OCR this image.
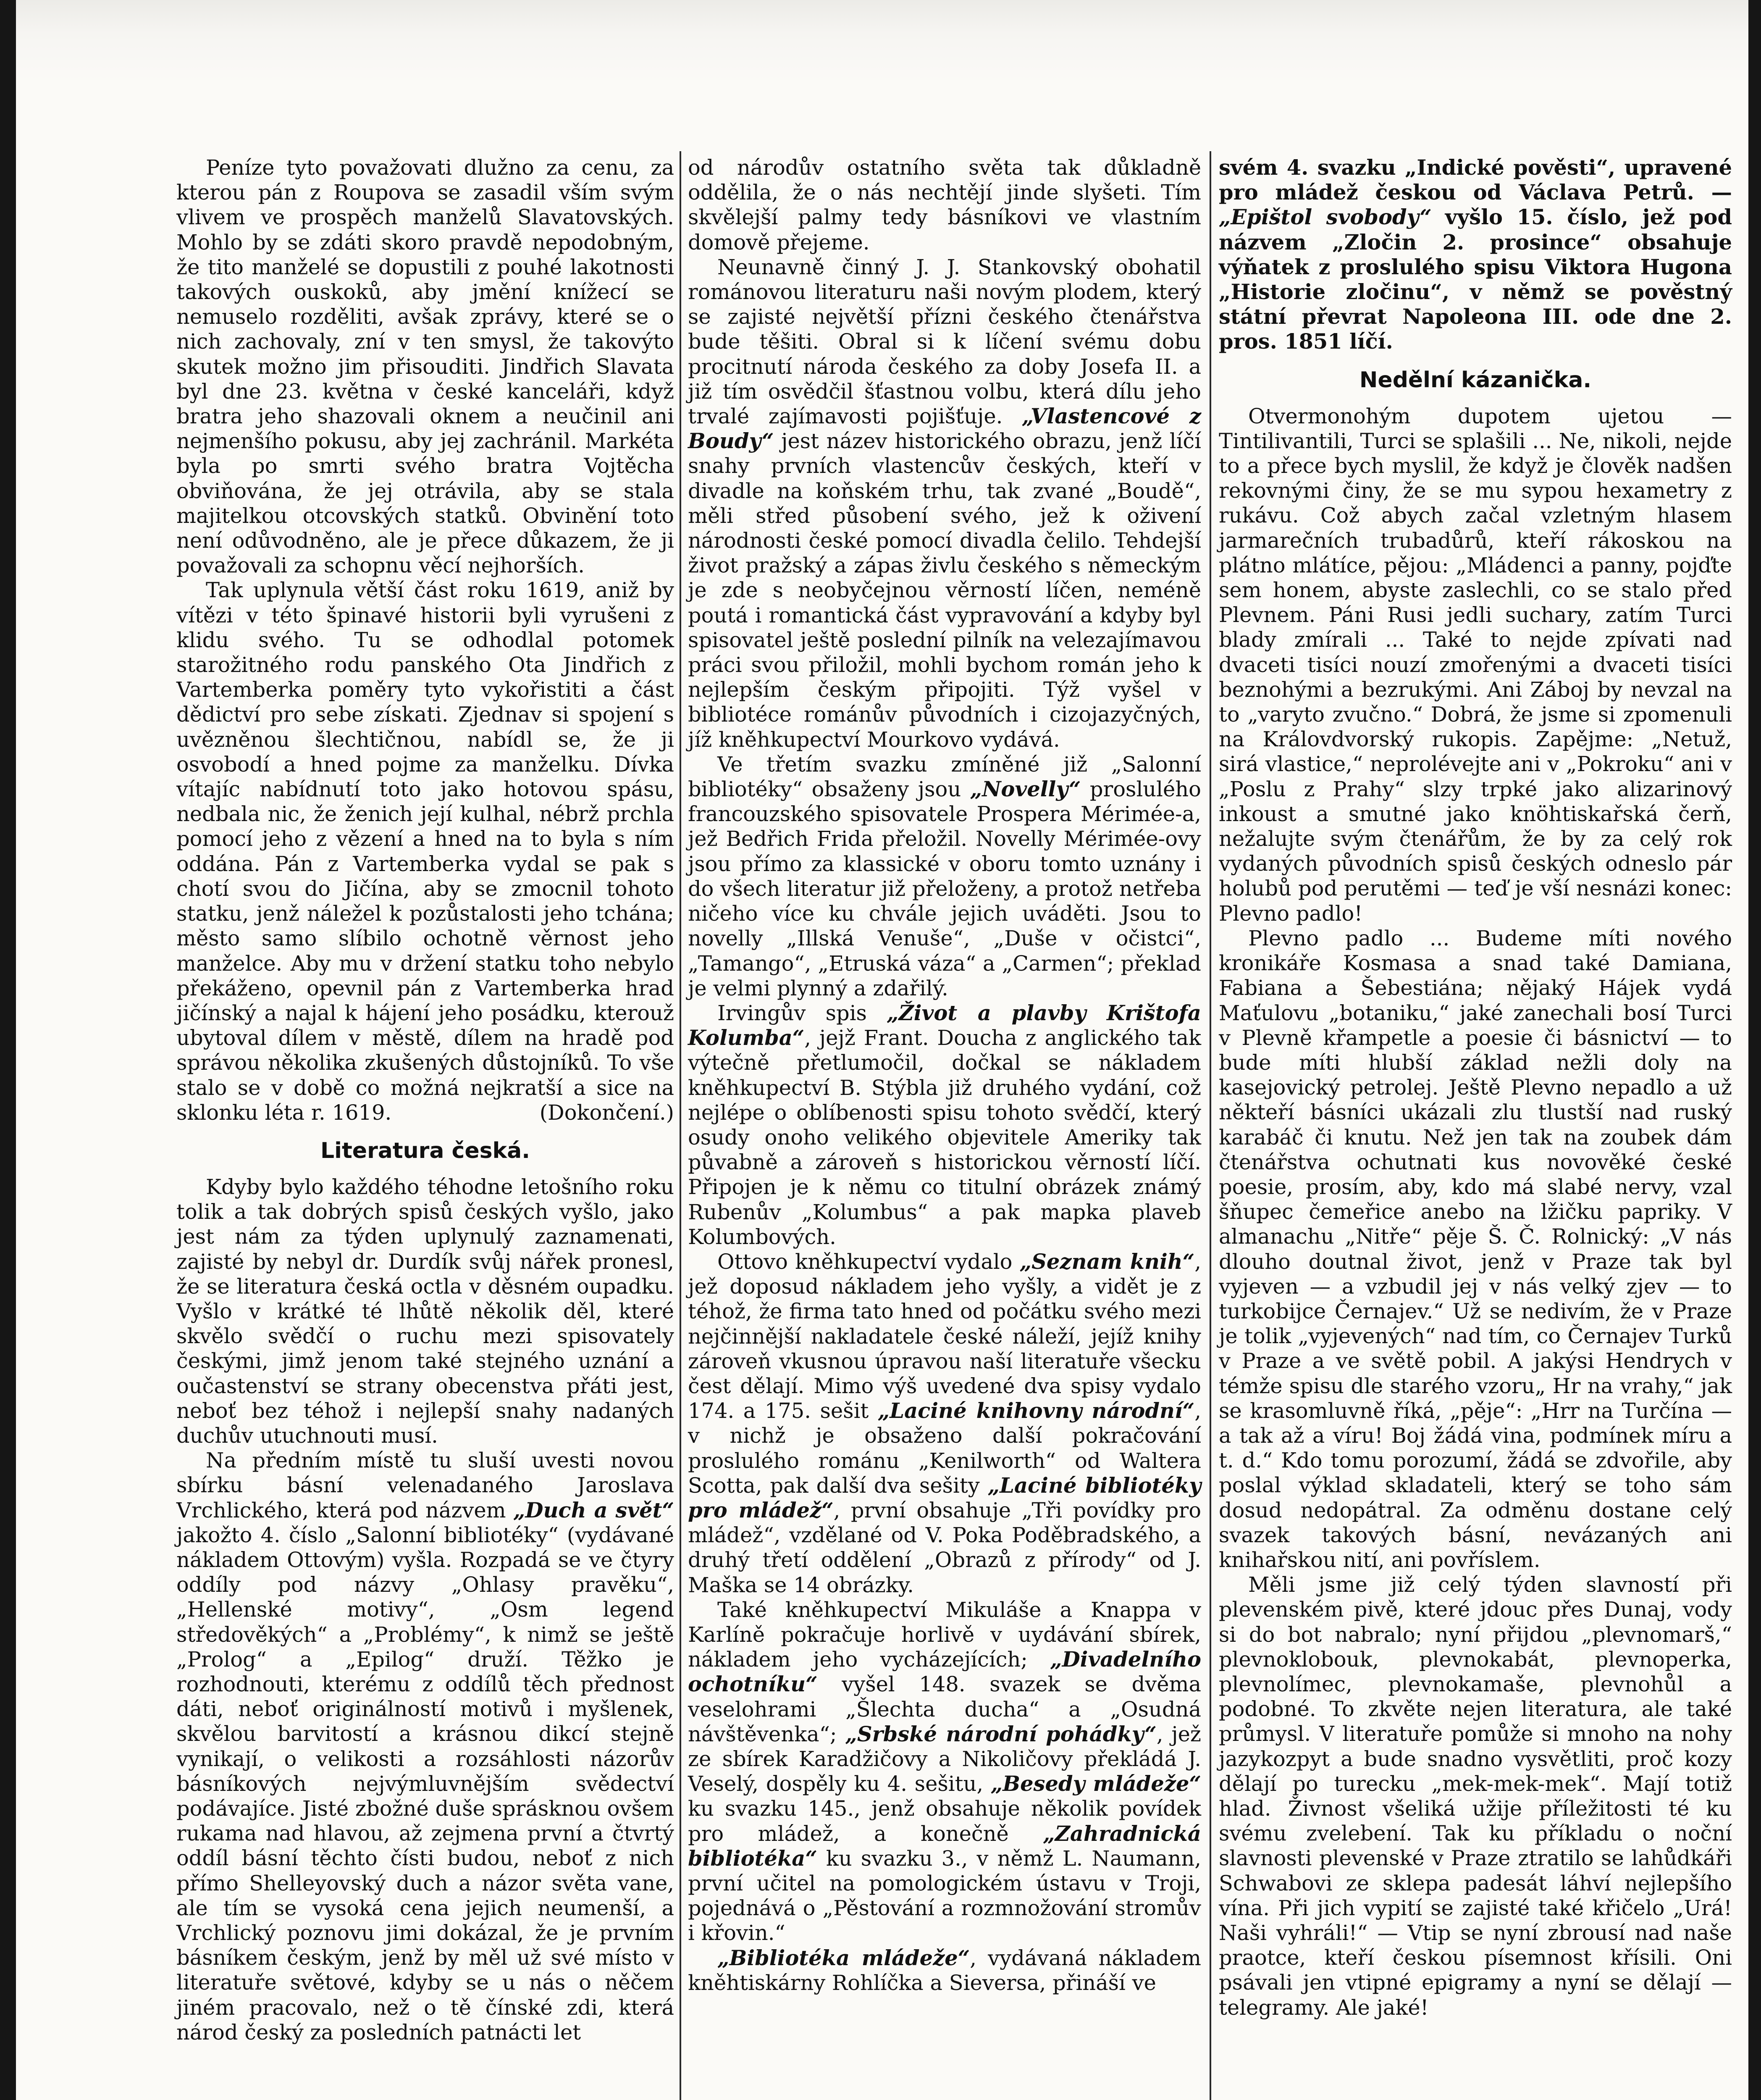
Peníze tyto považovati dlužno za cenu, za kterou pán z Roupova se zasadil vším svým vlivem ve prospěch manželů Slavatovských. Mohlo by se zdáti skoro pravdě nepodobným, že tito manželé se dopustili z pouhé lakotnosti takových ouskoků, aby jmění knížecí se nemuselo rozděliti, avšak zprávy, které se o nich zachovaly, zní v ten smysl, že takovýto skutek možno jim přisouditi. Jindřich Slavata byl dne 23. května v české kanceláři, když bratra jeho shazovali oknem a neučinil ani nejmenšího pokusu, aby jej zachránil. Markéta byla po smrti svého bratra Vojtěcha obviňována, že jej otrávila, aby se stala majitelkou otcovských statků. Obvinění toto není odůvodněno, ale je přece důkazem, že ji považovali za schopnu věcí nejhorších.

Tak uplynula větší část roku 1619, aniž by vítězi v této špinavé historii byli vyrušeni z klidu svého. Tu se odhodlal potomek starožitného rodu panského Ota Jindřich z Vartemberka poměry tyto vykořistiti a část dědictví pro sebe získati. Zjednav si spojení s uvězněnou šlechtičnou, nabídl se, že ji osvobodí a hned pojme za manželku. Dívka vítajíc nabídnutí toto jako hotovou spásu, nedbala nic, že ženich její kulhal, nébrž prchla pomocí jeho z vězení a hned na to byla s ním oddána. Pán z Vartemberka vydal se pak s chotí svou do Jičína, aby se zmocnil tohoto statku, jenž náležel k pozůstalosti jeho tchána; město samo slíbilo ochotně věrnost jeho manželce. Aby mu v držení statku toho nebylo překáženo, opevnil pán z Vartemberka hrad jičínský a najal k hájení jeho posádku, kterouž ubytoval dílem v městě, dílem na hradě pod správou několika zkušených důstojníků. To vše stalo se v době co možná nejkratší a sice na sklonku léta r. 1619.	(Dokončení.)

Literatura česká.

Kdyby bylo každého téhodne letošního roku tolik a tak dobrých spisů českých vyšlo, jako jest nám za týden uplynulý zaznamenati, zajisté by nebyl dr. Durdík svůj nářek pronesl, že se literatura česká octla v děsném oupadku. Vyšlo v krátké té lhůtě několik děl, které skvělo svědčí o ruchu mezi spisovately českými, jimž jenom také stejného uznání a oučastenství se strany obecenstva přáti jest, neboť bez téhož i nejlepší snahy nadaných duchův utuchnouti musí.

Na předním místě tu sluší uvesti novou sbírku básní velenadaného Jaroslava Vrchlického, která pod názvem „Duch a svět“ jakožto 4. číslo „Salonní bibliotéky“ (vydávané nákladem Ottovým) vyšla. Rozpadá se ve čtyry oddíly pod názvy „Ohlasy pravěku“, „Hellenské motivy“, „Osm legend středověkých“ a „Problémy“, k nimž se ještě „Prolog“ a „Epilog“ druží. Těžko je rozhodnouti, kterému z oddílů těch přednost dáti, neboť originálností motivů i myšlenek, skvělou barvitostí a krásnou dikcí stejně vynikají, o velikosti a rozsáhlosti názorův básníkových nejvýmluvnějším svědectví podávajíce. Jisté zbožné duše sprásknou ovšem rukama nad hlavou, až zejmena první a čtvrtý oddíl básní těchto čísti budou, neboť z nich přímo Shelleyovský duch a názor světa vane, ale tím se vysoká cena jejich neumenší, a Vrchlický poznovu jimi dokázal, že je prvním básníkem českým, jenž by měl už své místo v literatuře světové, kdyby se u nás o něčem jiném pracovalo, než o tě čínské zdi, která národ český za posledních patnácti let

od národův ostatního světa tak důkladně oddělila, že o nás nechtějí jinde slyšeti. Tím skvělejší palmy tedy básníkovi ve vlastním domově přejeme.

Neunavně činný J. J. Stankovský obohatil románovou literaturu naši novým plodem, který se zajisté největší přízni českého čtenářstva bude těšiti. Obral si k líčení svému dobu procitnutí národa českého za doby Josefa II. a již tím osvědčil šťastnou volbu, která dílu jeho trvalé zajímavosti pojišťuje. „Vlastencové z Boudy“ jest název historického obrazu, jenž líčí snahy prvních vlastencův českých, kteří v divadle na koňském trhu, tak zvané „Boudě“, měli střed působení svého, jež k oživení národnosti české pomocí divadla čelilo. Tehdejší život pražský a zápas živlu českého s německým je zde s neobyčejnou věrností líčen, neméně poutá i romantická část vypravování a kdyby byl spisovatel ještě poslední pilník na velezajímavou práci svou přiložil, mohli bychom román jeho k nejlepším českým připojiti. Týž vyšel v bibliotéce románův původních i cizojazyčných, jíž kněhkupectví Mourkovo vydává.

Ve třetím svazku zmíněné již „Salonní bibliotéky“ obsaženy jsou „Novelly“ proslulého francouzského spisovatele Prospera Mériméе-a, jež Bedřich Frida přeložil. Novelly Mérimée-ovy jsou přímo za klassické v oboru tomto uznány i do všech literatur již přeloženy, a protož netřeba ničeho více ku chvále jejich uváděti. Jsou to novelly „Illská Venuše“, „Duše v očistci“, „Tamango“, „Etruská váza“ a „Carmen“; překlad je velmi plynný a zdařilý.

Irvingův spis „Život a plavby Krištofa Kolumba“, jejž Frant. Doucha z anglického tak výtečně přetlumočil, dočkal se nákladem kněhkupectví B. Stýbla již druhého vydání, což nejlépe o oblíbenosti spisu tohoto svědčí, který osudy onoho velikého objevitele Ameriky tak půvabně a zároveň s historickou věrností líčí. Připojen je k němu co titulní obrázek známý Rubenův „Kolumbus“ a pak mapka plaveb Kolumbových.

Ottovo kněhkupectví vydalo „Seznam knih“, jež doposud nákladem jeho vyšly, a vidět je z téhož, že firma tato hned od počátku svého mezi nejčinnější nakladatele české náleží, jejíž knihy zároveň vkusnou úpravou naší literatuře všecku čest dělají. Mimo výš uvedené dva spisy vydalo 174. a 175. sešit „Laciné knihovny národní“, v nichž je obsaženo další pokračování proslulého románu „Kenilworth“ od Waltera Scotta, pak další dva sešity „Laciné bibliotéky pro mládež“, první obsahuje „Tři povídky pro mládež“, vzdělané od V. Poka Poděbradského, a druhý třetí oddělení „Obrazů z přírody“ od J. Maška se 14 obrázky.

Také kněhkupectví Mikuláše a Knappa v Karlíně pokračuje horlivě v uydávání sbírek, nákladem jeho vycházejících; „Divadelního ochotníku“ vyšel 148. svazek se dvěma veselohrami „Šlechta ducha“ a „Osudná návštěvenka“; „Srbské národní pohádky“, jež ze sbírek Karadžičovy a Nikoličovy překládá J. Veselý, dospěly ku 4. sešitu, „Besedy mládeže“ ku svazku 145., jenž obsahuje několik povídek pro mládež, a konečně „Zahradnická bibliotéka“ ku svazku 3., v němž L. Naumann, první učitel na pomologickém ústavu v Troji, pojednává o „Pěstování a rozmnožování stromův i křovin.“

„Bibliotéka mládeže“, vydávaná nákladem kněhtiskárny Rohlíčka a Sieversa, přináší ve

svém 4. svazku „Indické pověsti“, upravené pro mládež českou od Václava Petrů. — „Epištol svobody“ vyšlo 15. číslo, jež pod názvem „Zločin 2. prosince“ obsahuje výňatek z proslulého spisu Viktora Hugona „Historie zločinu“, v němž se pověstný státní převrat Napoleona III. ode dne 2. pros. 1851 líčí.

Nedělní kázanička.

Otvermonohým dupotem ujetou — Tintilivantili, Turci se splašili ... Ne, nikoli, nejde to a přece bych myslil, že když je člověk nadšen rekovnými činy, že se mu sypou hexametry z rukávu. Což abych začal vzletným hlasem jarmarečních trubadůrů, kteří rákoskou na plátno mlátíce, pějou: „Mládenci a panny, pojďte sem honem, abyste zaslechli, co se stalo před Plevnem. Páni Rusi jedli suchary, zatím Turci blady zmírali ... Také to nejde zpívati nad dvaceti tisíci nouzí zmořenými a dvaceti tisíci beznohými a bezrukými. Ani Záboj by nevzal na to „varyto zvučno.“ Dobrá, že jsme si zpomenuli na Královdvorský rukopis. Zapějme: „Netuž, sirá vlastice,“ neprolévejte ani v „Pokroku“ ani v „Poslu z Prahy“ slzy trpké jako alizarinový inkoust a smutné jako knöhtiskařská čerň, nežalujte svým čtenářům, že by za celý rok vydaných původních spisů českých odneslo pár holubů pod perutěmi — teď je vší nesnázi konec: Plevno padlo!

Plevno padlo ... Budeme míti nového kronikáře Kosmasa a snad také Damiana, Fabiana a Šebestiána; nějaký Hájek vydá Maťulovu „botaniku,“ jaké zanechali bosí Turci v Plevně křampetle a poesie či básnictví — to bude míti hlubší základ nežli doly na kasejovický petrolej. Ještě Plevno nepadlo a už někteří básníci ukázali zlu tlustší nad ruský karabáč či knutu. Než jen tak na zoubek dám čtenářstva ochutnati kus novověké české poesie, prosím, aby, kdo má slabé nervy, vzal šňupec čemeřice anebo na lžičku papriky. V almanachu „Nitře“ pěje Š. Č. Rolnický: „V nás dlouho doutnal život, jenž v Praze tak byl vyjeven — a vzbudil jej v nás velký zjev — to turkobijce Černajev.“ Už se nedivím, že v Praze je tolik „vyjevených“ nad tím, co Černajev Turků v Praze a ve světě pobil. A jakýsi Hendrych v témže spisu dle starého vzoru„ Hr na vrahy,“ jak se krasomluvně říká, „pěje“: „Hrr na Turčína — a tak až a víru! Boj žádá vina, podmínek míru a t. d.“ Kdo tomu porozumí, žádá se zdvořile, aby poslal výklad skladateli, který se toho sám dosud nedopátral. Za odměnu dostane celý svazek takových básní, nevázaných ani knihařskou nití, ani povříslem.

Měli jsme již celý týden slavností při plevenském pivě, které jdouc přes Dunaj, vody si do bot nabralo; nyní přijdou „plevnomarš,“ plevnoklobouk, plevnokabát, plevnoperka, plevnolímec, plevnokamaše, plevnohůl a podobné. To zkvěte nejen literatura, ale také průmysl. V literatuře pomůže si mnoho na nohy jazykozpyt a bude snadno vysvětliti, proč kozy dělají po turecku „mek-mek-mek“. Mají totiž hlad. Živnost všeliká užije příležitosti té ku svému zvelebení. Tak ku příkladu o noční slavnosti plevenské v Praze ztratilo se lahůdkáři Schwabovi ze sklepa padesát láhví nejlepšího vína. Při jich vypití se zajisté také křičelo „Urá! Naši vyhráli!“ — Vtip se nyní zbrousí nad naše praotce, kteří českou písemnost křísili. Oni psávali jen vtipné epigramy a nyní se dělají — telegramy. Ale jaké!
